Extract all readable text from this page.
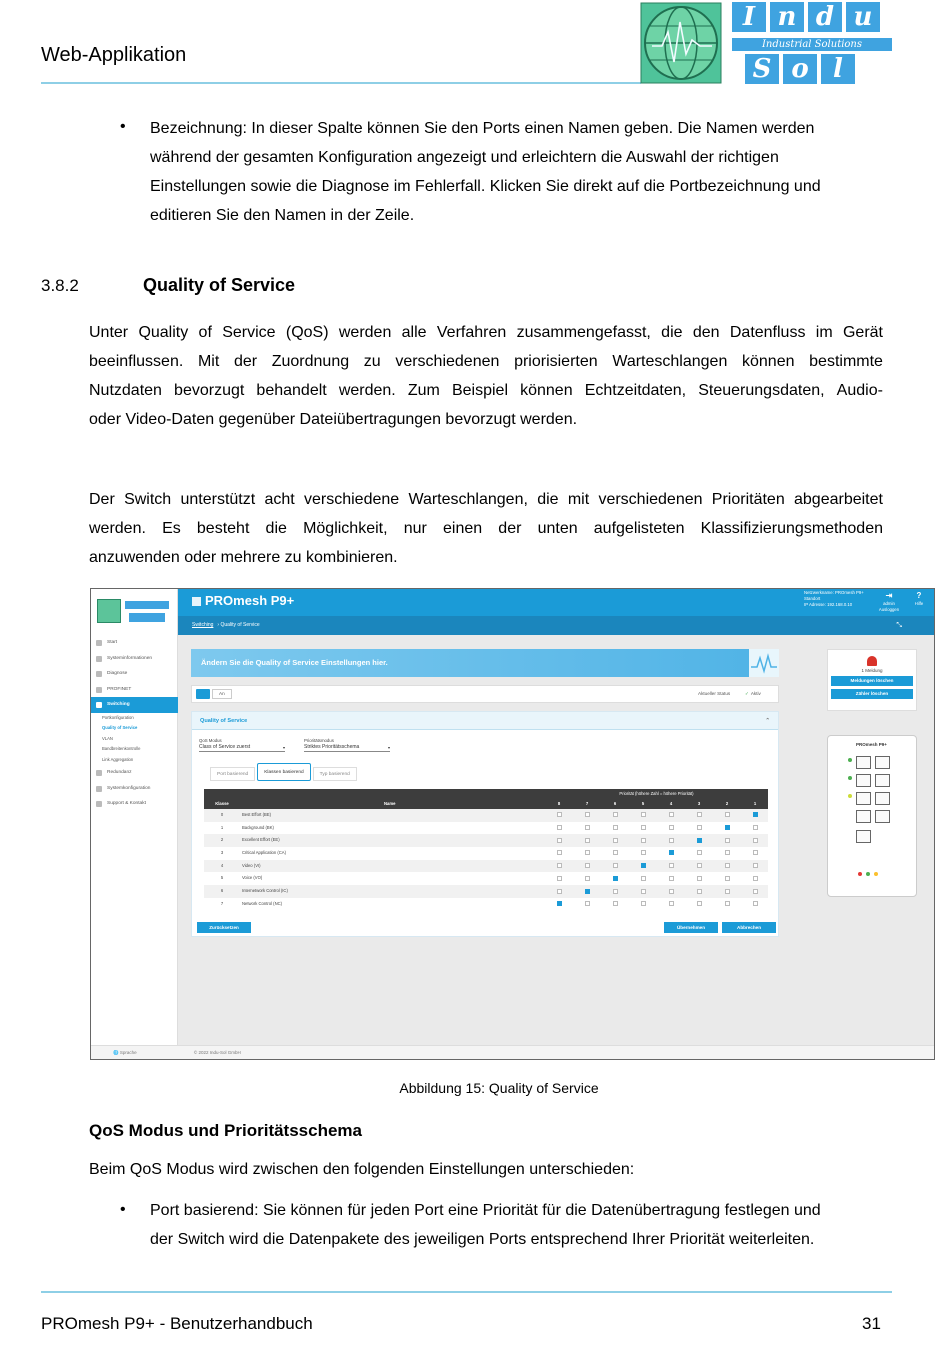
Web-Applikation
I n d u
Industrial Solutions
S o l
• Bezeichnung: In dieser Spalte können Sie den Ports einen Namen geben. Die Namen werden
während der gesamten Konfiguration angezeigt und erleichtern die Auswahl der richtigen
Einstellungen sowie die Diagnose im Fehlerfall. Klicken Sie direkt auf die Portbezeichnung und
editieren Sie den Namen in der Zeile.
3.8.2	Quality of Service
Unter Quality of Service (QoS) werden alle Verfahren zusammengefasst, die den Datenfluss im Gerät
beeinflussen. Mit der Zuordnung zu verschiedenen priorisierten Warteschlangen können bestimmte
Nutzdaten bevorzugt behandelt werden. Zum Beispiel können Echtzeitdaten, Steuerungsdaten, Audio-
oder Video-Daten gegenüber Dateiübertragungen bevorzugt werden.
Der Switch unterstützt acht verschiedene Warteschlangen, die mit verschiedenen Prioritäten abgearbeitet
werden. Es besteht die Möglichkeit, nur einen der unten aufgelisteten Klassifizierungsmethoden
anzuwenden oder mehrere zu kombinieren.
Start
Systeminformationen
Diagnose
PROFINET
Switching
Portkonfiguration
Quality of Service
VLAN
Bandbreitenkontrolle
Link Aggregation
Redundanz
Systemkonfiguration
Support & Kontakt
PROmesh P9+
Netzwerkname: PROmesh P9+
Standort
IP Adresse: 192.168.0.10
⇥
admin
Ausloggen
?
Hilfe
Switching › Quality of Service	⤡
Ändern Sie die Quality of Service Einstellungen hier.
An	Aktueller Status	✓ Aktiv
Quality of Service	⌃
QoS Modus
Class of Service zuerst	▾
Prioritätsmodus
Striktes Prioritätsschema	▾
Port basierend	Klassen basierend	Typ basierend
Priorität (höhere Zahl = höhere Priorität)
Klasse	Name	8	7	6	5	4	3	2	1
0	Best Effort (BE)
1	Background (BK)
2	Excellent Effort (EE)
3	Critical Application (CA)
4	Video (VI)
5	Voice (VO)
6	Internetwork Control (IC)
7	Network Control (NC)
Zurücksetzen	Übernehmen	Abbrechen
1 Meldung
Meldungen löschen
Zähler löschen
PROmesh P9+
🌐 Sprache	© 2022 Indu-Sol GmbH
Abbildung 15: Quality of Service
QoS Modus und Prioritätsschema
Beim QoS Modus wird zwischen den folgenden Einstellungen unterschieden:
• Port basierend: Sie können für jeden Port eine Priorität für die Datenübertragung festlegen und
der Switch wird die Datenpakete des jeweiligen Ports entsprechend Ihrer Priorität weiterleiten.
PROmesh P9+ - Benutzerhandbuch	31
